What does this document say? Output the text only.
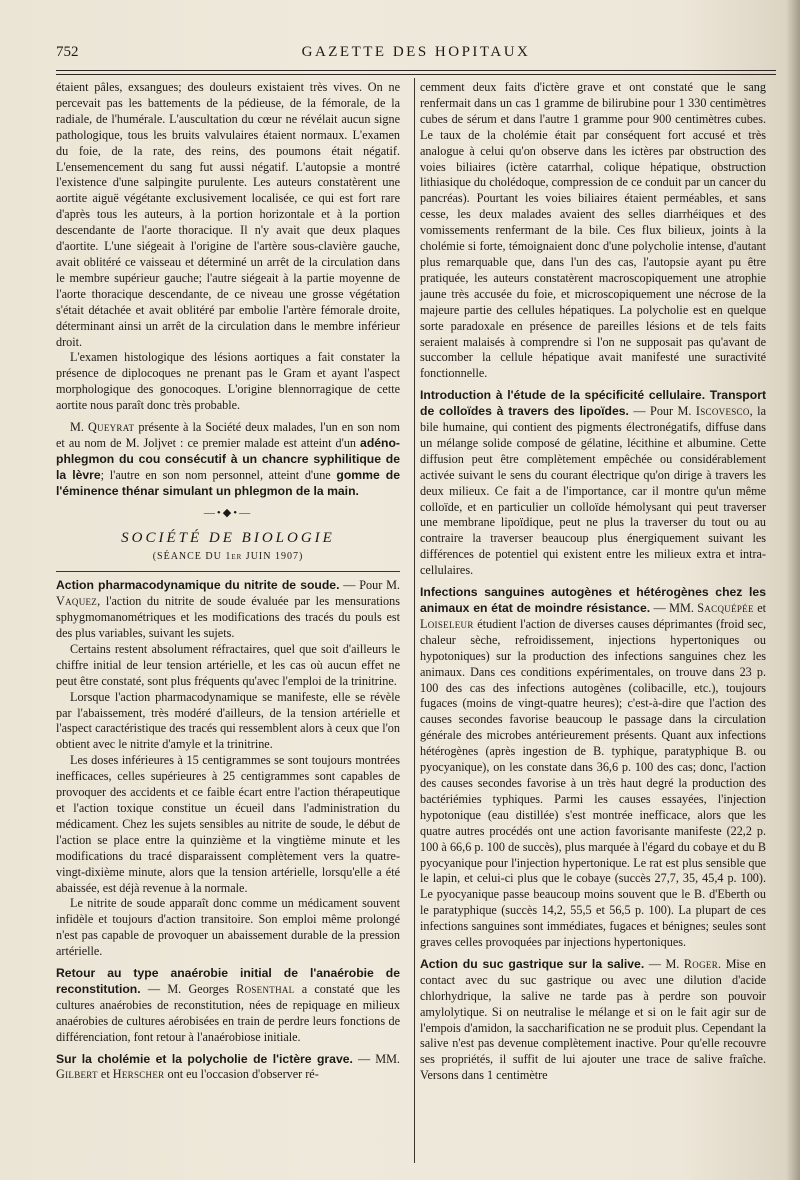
752	GAZETTE DES HOPITAUX

étaient pâles, exsangues; des douleurs existaient très vives. On ne percevait pas les battements de la pédieuse, de la fémorale, de la radiale, de l'humérale. L'auscultation du cœur ne révélait aucun signe pathologique, tous les bruits valvulaires étaient normaux. L'examen du foie, de la rate, des reins, des poumons était négatif. L'ensemencement du sang fut aussi négatif. L'autopsie a montré l'existence d'une salpingite purulente. Les auteurs constatèrent une aortite aiguë végétante exclusivement localisée, ce qui est fort rare d'après tous les auteurs, à la portion horizontale et à la portion descendante de l'aorte thoracique. Il n'y avait que deux plaques d'aortite. L'une siégeait à l'origine de l'artère sous-clavière gauche, avait oblitéré ce vaisseau et déterminé un arrêt de la circulation dans le membre supérieur gauche; l'autre siégeait à la partie moyenne de l'aorte thoracique descendante, de ce niveau une grosse végétation s'était détachée et avait oblitéré par embolie l'artère fémorale droite, déterminant ainsi un arrêt de la circulation dans le membre inférieur droit.

L'examen histologique des lésions aortiques a fait constater la présence de diplocoques ne prenant pas le Gram et ayant l'aspect morphologique des gonocoques. L'origine blennorragique de cette aortite nous paraît donc très probable.

M. Queyrat présente à la Société deux malades, l'un en son nom et au nom de M. Joljvet : ce premier malade est atteint d'un adéno-phlegmon du cou consécutif à un chancre syphilitique de la lèvre; l'autre en son nom personnel, atteint d'une gomme de l'éminence thénar simulant un phlegmon de la main.

—•◆•—
SOCIÉTÉ DE BIOLOGIE
(SÉANCE DU 1er JUIN 1907)

Action pharmacodynamique du nitrite de soude. — Pour M. Vaquez, l'action du nitrite de soude évaluée par les mensurations sphygmomanométriques et les modifications des tracés du pouls est des plus variables, suivant les sujets.

Certains restent absolument réfractaires, quel que soit d'ailleurs le chiffre initial de leur tension artérielle, et les cas où aucun effet ne peut être constaté, sont plus fréquents qu'avec l'emploi de la trinitrine.

Lorsque l'action pharmacodynamique se manifeste, elle se révèle par l'abaissement, très modéré d'ailleurs, de la tension artérielle et l'aspect caractéristique des tracés qui ressemblent alors à ceux que l'on obtient avec le nitrite d'amyle et la trinitrine.

Les doses inférieures à 15 centigrammes se sont toujours montrées inefficaces, celles supérieures à 25 centigrammes sont capables de provoquer des accidents et ce faible écart entre l'action thérapeutique et l'action toxique constitue un écueil dans l'administration du médicament. Chez les sujets sensibles au nitrite de soude, le début de l'action se place entre la quinzième et la vingtième minute et les modifications du tracé disparaissent complètement vers la quatre-vingt-dixième minute, alors que la tension artérielle, lorsqu'elle a été abaissée, est déjà revenue à la normale.

Le nitrite de soude apparaît donc comme un médicament souvent infidèle et toujours d'action transitoire. Son emploi même prolongé n'est pas capable de provoquer un abaissement durable de la pression artérielle.

Retour au type anaérobie initial de l'anaérobie de reconstitution. — M. Georges Rosenthal a constaté que les cultures anaérobies de reconstitution, nées de repiquage en milieux anaérobies de cultures aérobisées en train de perdre leurs fonctions de différenciation, font retour à l'anaérobiose initiale.

Sur la cholémie et la polycholie de l'ictère grave. — MM. Gilbert et Herscher ont eu l'occasion d'observer ré-

cemment deux faits d'ictère grave et ont constaté que le sang renfermait dans un cas 1 gramme de bilirubine pour 1 330 centimètres cubes de sérum et dans l'autre 1 gramme pour 900 centimètres cubes. Le taux de la cholémie était par conséquent fort accusé et très analogue à celui qu'on observe dans les ictères par obstruction des voies biliaires (ictère catarrhal, colique hépatique, obstruction lithiasique du cholédoque, compression de ce conduit par un cancer du pancréas). Pourtant les voies biliaires étaient perméables, et sans cesse, les deux malades avaient des selles diarrhéiques et des vomissements renfermant de la bile. Ces flux bilieux, joints à la cholémie si forte, témoignaient donc d'une polycholie intense, d'autant plus remarquable que, dans l'un des cas, l'autopsie ayant pu être pratiquée, les auteurs constatèrent macroscopiquement une atrophie jaune très accusée du foie, et microscopiquement une nécrose de la majeure partie des cellules hépatiques. La polycholie est en quelque sorte paradoxale en présence de pareilles lésions et de tels faits seraient malaisés à comprendre si l'on ne supposait pas qu'avant de succomber la cellule hépatique avait manifesté une suractivité fonctionnelle.

Introduction à l'étude de la spécificité cellulaire. Transport de colloïdes à travers des lipoïdes. — Pour M. Iscovesco, la bile humaine, qui contient des pigments électronégatifs, diffuse dans un mélange solide composé de gélatine, lécithine et albumine. Cette diffusion peut être complètement empêchée ou considérablement activée suivant le sens du courant électrique qu'on dirige à travers les deux milieux. Ce fait a de l'importance, car il montre qu'un même colloïde, et en particulier un colloïde hémolysant qui peut traverser une membrane lipoïdique, peut ne plus la traverser du tout ou au contraire la traverser beaucoup plus énergiquement suivant les différences de potentiel qui existent entre les milieux extra et intra-cellulaires.

Infections sanguines autogènes et hétérogènes chez les animaux en état de moindre résistance. — MM. Sacquépée et Loiseleur étudient l'action de diverses causes déprimantes (froid sec, chaleur sèche, refroidissement, injections hypertoniques ou hypotoniques) sur la production des infections sanguines chez les animaux. Dans ces conditions expérimentales, on trouve dans 23 p. 100 des cas des infections autogènes (colibacille, etc.), toujours fugaces (moins de vingt-quatre heures); c'est-à-dire que l'action des causes secondes favorise beaucoup le passage dans la circulation générale des microbes antérieurement présents. Quant aux infections hétérogènes (après ingestion de B. typhique, paratyphique B. ou pyocyanique), on les constate dans 36,6 p. 100 des cas; donc, l'action des causes secondes favorise à un très haut degré la production des bactériémies typhiques. Parmi les causes essayées, l'injection hypotonique (eau distillée) s'est montrée inefficace, alors que les quatre autres procédés ont une action favorisante manifeste (22,2 p. 100 à 66,6 p. 100 de succès), plus marquée à l'égard du cobaye et du B pyocyanique pour l'injection hypertonique. Le rat est plus sensible que le lapin, et celui-ci plus que le cobaye (succès 27,7, 35, 45,4 p. 100). Le pyocyanique passe beaucoup moins souvent que le B. d'Eberth ou le paratyphique (succès 14,2, 55,5 et 56,5 p. 100). La plupart de ces infections sanguines sont immédiates, fugaces et bénignes; seules sont graves celles provoquées par injections hypertoniques.

Action du suc gastrique sur la salive. — M. Roger. Mise en contact avec du suc gastrique ou avec une dilution d'acide chlorhydrique, la salive ne tarde pas à perdre son pouvoir amylolytique. Si on neutralise le mélange et si on le fait agir sur de l'empois d'amidon, la saccharification ne se produit plus. Cependant la salive n'est pas devenue complètement inactive. Pour qu'elle recouvre ses propriétés, il suffit de lui ajouter une trace de salive fraîche. Versons dans 1 centimètre
